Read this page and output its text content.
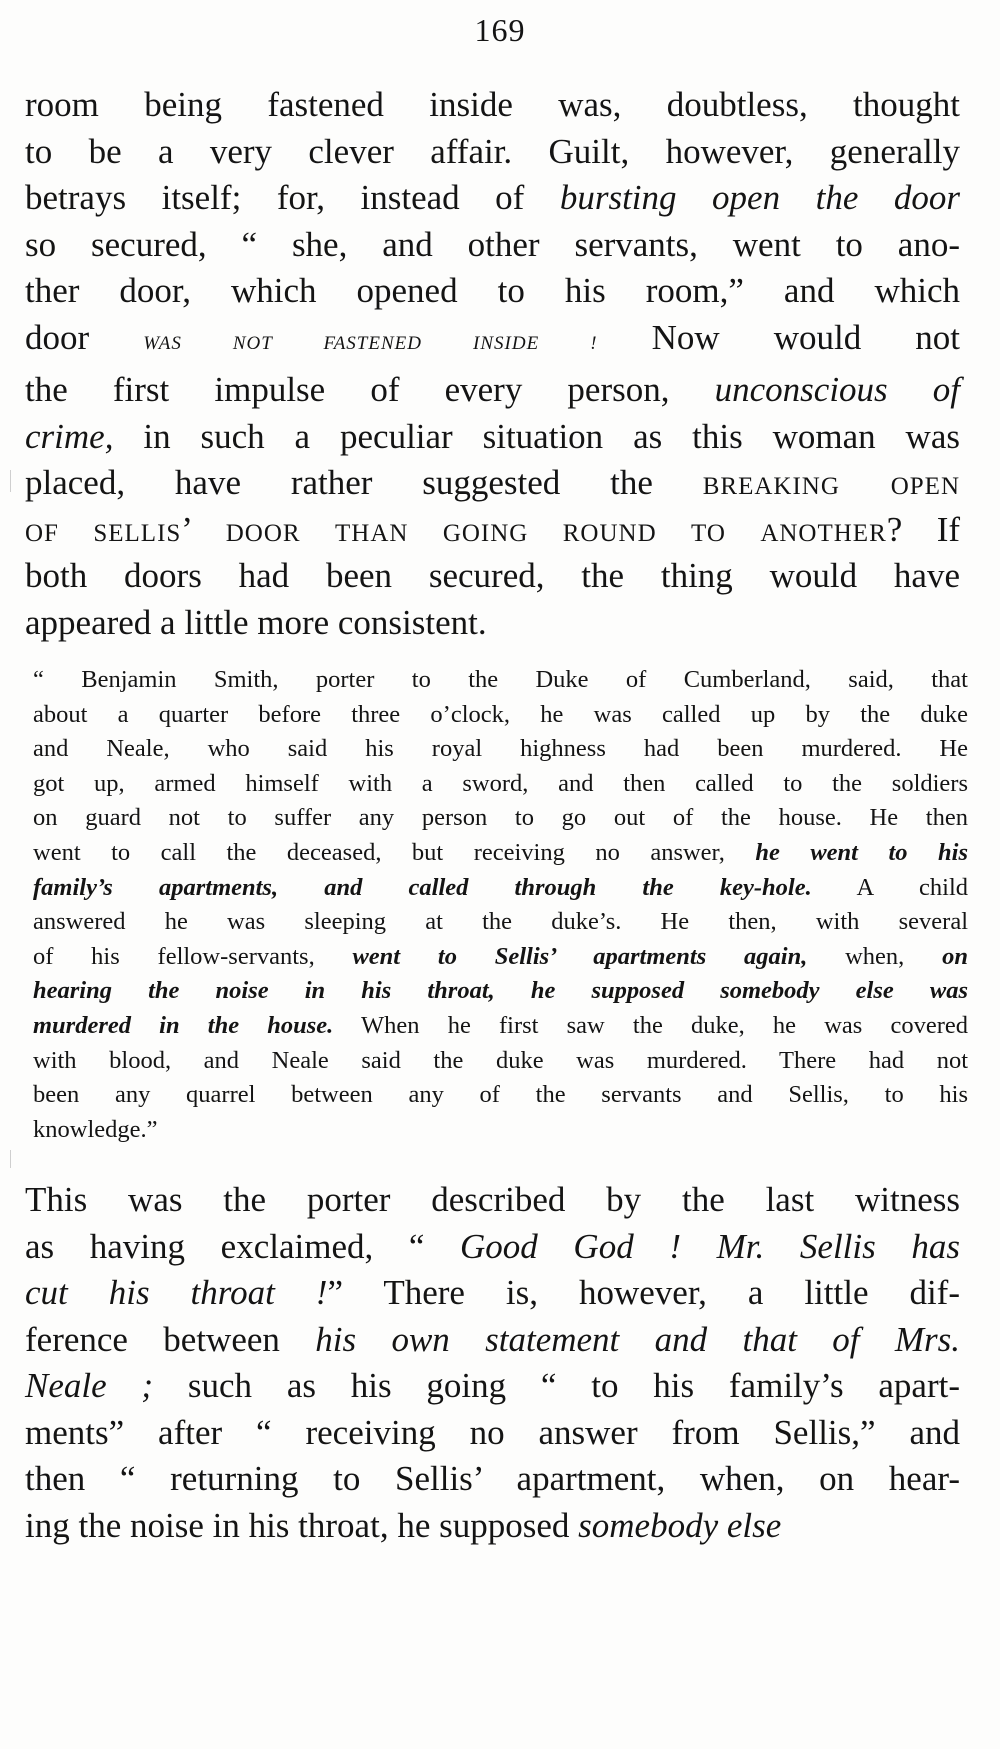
169

room being fastened inside was, doubtless, thought
to be a very clever affair. Guilt, however, generally
betrays itself; for, instead of bursting open the door
so secured, “ she, and other servants, went to ano-
ther door, which opened to his room,” and which
door WAS NOT FASTENED INSIDE ! Now would not
the first impulse of every person, unconscious of
crime, in such a peculiar situation as this woman was
placed, have rather suggested the breaking open
of sellis’ door than going round to another? If
both doors had been secured, the thing would have
appeared a little more consistent.

“ Benjamin Smith, porter to the Duke of Cumberland, said, that
about a quarter before three o’clock, he was called up by the duke
and Neale, who said his royal highness had been murdered. He
got up, armed himself with a sword, and then called to the soldiers
on guard not to suffer any person to go out of the house. He then
went to call the deceased, but receiving no answer, he went to his
family’s apartments, and called through the key-hole. A child
answered he was sleeping at the duke’s. He then, with several
of his fellow-servants, went to Sellis’ apartments again, when, on
hearing the noise in his throat, he supposed somebody else was
murdered in the house. When he first saw the duke, he was covered
with blood, and Neale said the duke was murdered. There had not
been any quarrel between any of the servants and Sellis, to his
knowledge.”

This was the porter described by the last witness
as having exclaimed, “ Good God ! Mr. Sellis has
cut his throat !” There is, however, a little dif-
ference between his own statement and that of Mrs.
Neale ; such as his going “ to his family’s apart-
ments” after “ receiving no answer from Sellis,” and
then “ returning to Sellis’ apartment, when, on hear-
ing the noise in his throat, he supposed somebody else
